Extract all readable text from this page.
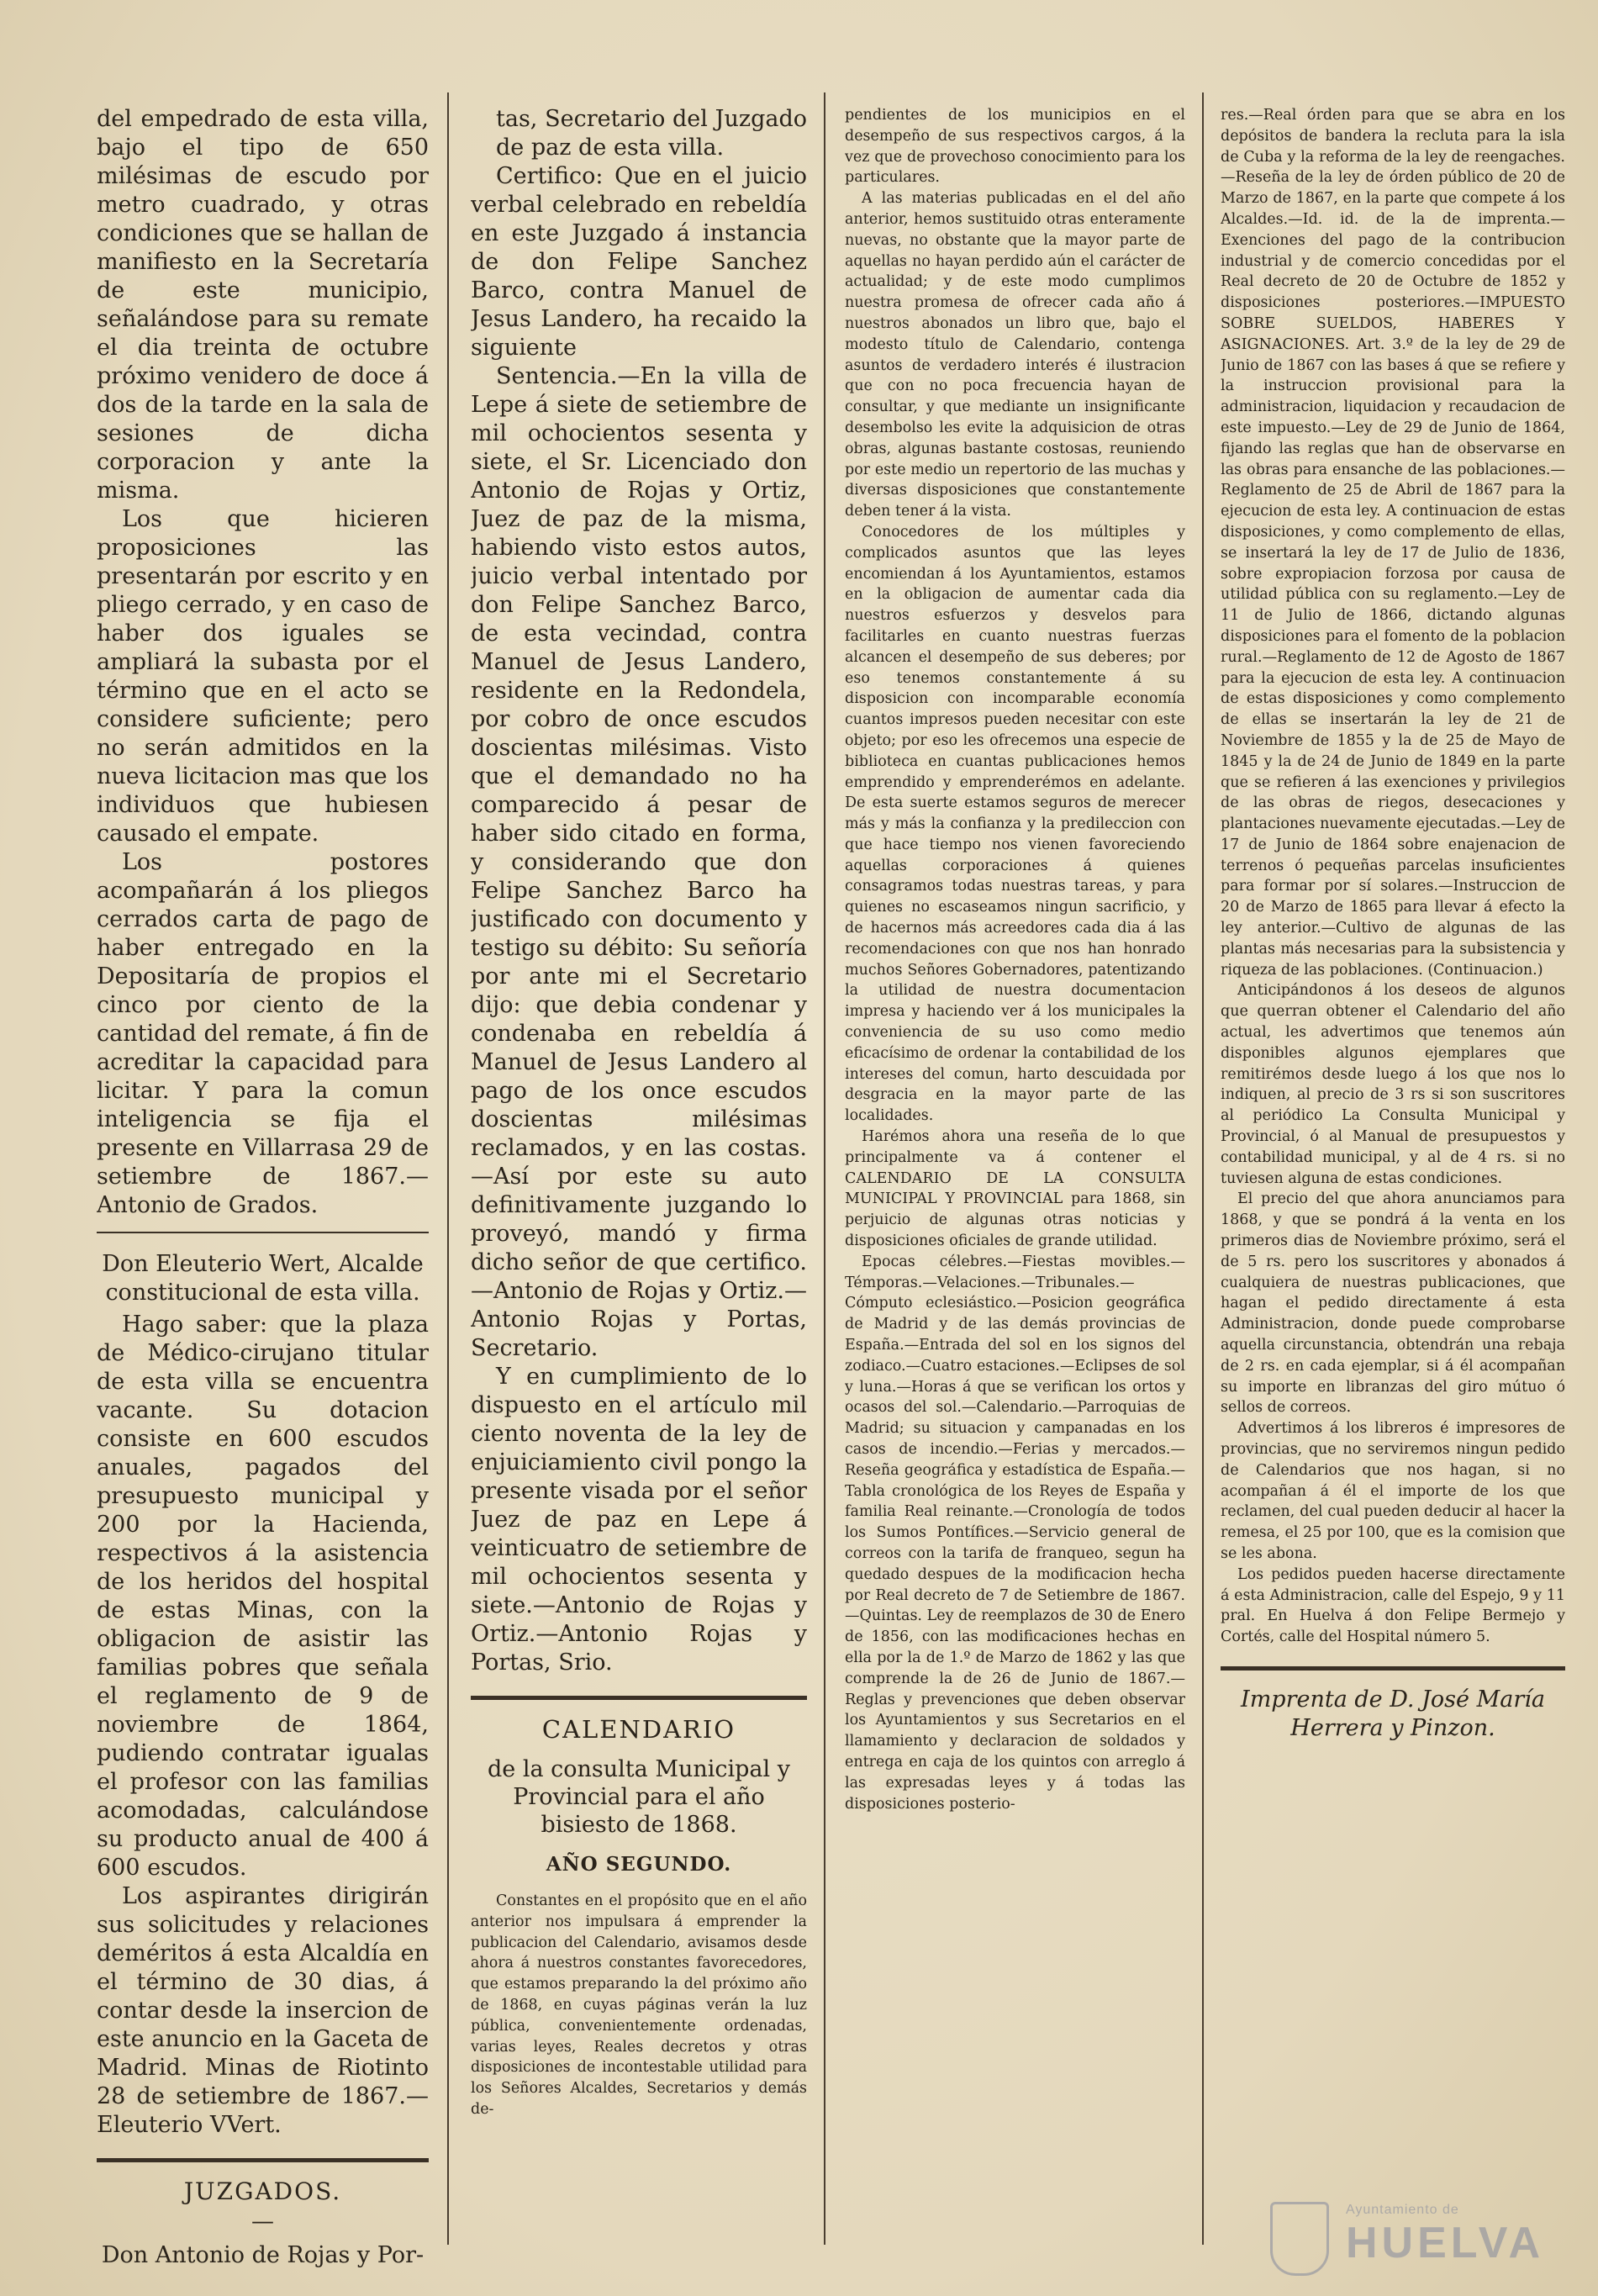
del empedrado de esta villa, bajo el tipo de 650 milésimas de escudo por metro cuadrado, y otras condiciones que se hallan de manifiesto en la Secretaría de este municipio, señalándose para su remate el dia treinta de octubre próximo venidero de doce á dos de la tarde en la sala de sesiones de dicha corporacion y ante la misma.

Los que hicieren proposiciones las presentarán por escrito y en pliego cerrado, y en caso de haber dos iguales se ampliará la subasta por el término que en el acto se considere suficiente; pero no serán admitidos en la nueva licitacion mas que los individuos que hubiesen causado el empate.

Los postores acompañarán á los pliegos cerrados carta de pago de haber entregado en la Depositaría de propios el cinco por ciento de la cantidad del remate, á fin de acreditar la capacidad para licitar. Y para la comun inteligencia se fija el presente en Villarrasa 29 de setiembre de 1867.—Antonio de Grados.

Don Eleuterio Wert, Alcalde constitucional de esta villa.

Hago saber: que la plaza de Médico-cirujano titular de esta villa se encuentra vacante. Su dotacion consiste en 600 escudos anuales, pagados del presupuesto municipal y 200 por la Hacienda, respectivos á la asistencia de los heridos del hospital de estas Minas, con la obligacion de asistir las familias pobres que señala el reglamento de 9 de noviembre de 1864, pudiendo contratar igualas el profesor con las familias acomodadas, calculándose su producto anual de 400 á 600 escudos.

Los aspirantes dirigirán sus solicitudes y relaciones deméritos á esta Alcaldía en el término de 30 dias, á contar desde la insercion de este anuncio en la Gaceta de Madrid. Minas de Riotinto 28 de setiembre de 1867.—Eleuterio VVert.

JUZGADOS.
—

Don Antonio de Rojas y Por-

tas, Secretario del Juzgado de paz de esta villa.

Certifico: Que en el juicio verbal celebrado en rebeldía en este Juzgado á instancia de don Felipe Sanchez Barco, contra Manuel de Jesus Landero, ha recaido la siguiente

Sentencia.—En la villa de Lepe á siete de setiembre de mil ochocientos sesenta y siete, el Sr. Licenciado don Antonio de Rojas y Ortiz, Juez de paz de la misma, habiendo visto estos autos, juicio verbal intentado por don Felipe Sanchez Barco, de esta vecindad, contra Manuel de Jesus Landero, residente en la Redondela, por cobro de once escudos doscientas milésimas. Visto que el demandado no ha comparecido á pesar de haber sido citado en forma, y considerando que don Felipe Sanchez Barco ha justificado con documento y testigo su débito: Su señoría por ante mi el Secretario dijo: que debia condenar y condenaba en rebeldía á Manuel de Jesus Landero al pago de los once escudos doscientas milésimas reclamados, y en las costas.—Así por este su auto definitivamente juzgando lo proveyó, mandó y firma dicho señor de que certifico.—Antonio de Rojas y Ortiz.—Antonio Rojas y Portas, Secretario.

Y en cumplimiento de lo dispuesto en el artículo mil ciento noventa de la ley de enjuiciamiento civil pongo la presente visada por el señor Juez de paz en Lepe á veinticuatro de setiembre de mil ochocientos sesenta y siete.—Antonio de Rojas y Ortiz.—Antonio Rojas y Portas, Srio.

CALENDARIO
de la consulta Municipal y Provincial para el año bisiesto de 1868.
AÑO SEGUNDO.

Constantes en el propósito que en el año anterior nos impulsara á emprender la publicacion del Calendario, avisamos desde ahora á nuestros constantes favorecedores, que estamos preparando la del próximo año de 1868, en cuyas páginas verán la luz pública, convenientemente ordenadas, varias leyes, Reales decretos y otras disposiciones de incontestable utilidad para los Señores Alcaldes, Secretarios y demás de-

pendientes de los municipios en el desempeño de sus respectivos cargos, á la vez que de provechoso conocimiento para los particulares.

A las materias publicadas en el del año anterior, hemos sustituido otras enteramente nuevas, no obstante que la mayor parte de aquellas no hayan perdido aún el carácter de actualidad; y de este modo cumplimos nuestra promesa de ofrecer cada año á nuestros abonados un libro que, bajo el modesto título de Calendario, contenga asuntos de verdadero interés é ilustracion que con no poca frecuencia hayan de consultar, y que mediante un insignificante desembolso les evite la adquisicion de otras obras, algunas bastante costosas, reuniendo por este medio un repertorio de las muchas y diversas disposiciones que constantemente deben tener á la vista.

Conocedores de los múltiples y complicados asuntos que las leyes encomiendan á los Ayuntamientos, estamos en la obligacion de aumentar cada dia nuestros esfuerzos y desvelos para facilitarles en cuanto nuestras fuerzas alcancen el desempeño de sus deberes; por eso tenemos constantemente á su disposicion con incomparable economía cuantos impresos pueden necesitar con este objeto; por eso les ofrecemos una especie de biblioteca en cuantas publicaciones hemos emprendido y emprenderémos en adelante. De esta suerte estamos seguros de merecer más y más la confianza y la predileccion con que hace tiempo nos vienen favoreciendo aquellas corporaciones á quienes consagramos todas nuestras tareas, y para quienes no escaseamos ningun sacrificio, y de hacernos más acreedores cada dia á las recomendaciones con que nos han honrado muchos Señores Gobernadores, patentizando la utilidad de nuestra documentacion impresa y haciendo ver á los municipales la conveniencia de su uso como medio eficacísimo de ordenar la contabilidad de los intereses del comun, harto descuidada por desgracia en la mayor parte de las localidades.

Harémos ahora una reseña de lo que principalmente va á contener el CALENDARIO DE LA CONSULTA MUNICIPAL Y PROVINCIAL para 1868, sin perjuicio de algunas otras noticias y disposiciones oficiales de grande utilidad.

Epocas célebres.—Fiestas movibles.—Témporas.—Velaciones.—Tribunales.—Cómputo eclesiástico.—Posicion geográfica de Madrid y de las demás provincias de España.—Entrada del sol en los signos del zodiaco.—Cuatro estaciones.—Eclipses de sol y luna.—Horas á que se verifican los ortos y ocasos del sol.—Calendario.—Parroquias de Madrid; su situacion y campanadas en los casos de incendio.—Ferias y mercados.—Reseña geográfica y estadística de España.—Tabla cronológica de los Reyes de España y familia Real reinante.—Cronología de todos los Sumos Pontífices.—Servicio general de correos con la tarifa de franqueo, segun ha quedado despues de la modificacion hecha por Real decreto de 7 de Setiembre de 1867.—Quintas. Ley de reemplazos de 30 de Enero de 1856, con las modificaciones hechas en ella por la de 1.º de Marzo de 1862 y las que comprende la de 26 de Junio de 1867.—Reglas y prevenciones que deben observar los Ayuntamientos y sus Secretarios en el llamamiento y declaracion de soldados y entrega en caja de los quintos con arreglo á las expresadas leyes y á todas las disposiciones posterio-

res.—Real órden para que se abra en los depósitos de bandera la recluta para la isla de Cuba y la reforma de la ley de reengaches.—Reseña de la ley de órden público de 20 de Marzo de 1867, en la parte que compete á los Alcaldes.—Id. id. de la de imprenta.—Exenciones del pago de la contribucion industrial y de comercio concedidas por el Real decreto de 20 de Octubre de 1852 y disposiciones posteriores.—IMPUESTO SOBRE SUELDOS, HABERES Y ASIGNACIONES. Art. 3.º de la ley de 29 de Junio de 1867 con las bases á que se refiere y la instruccion provisional para la administracion, liquidacion y recaudacion de este impuesto.—Ley de 29 de Junio de 1864, fijando las reglas que han de observarse en las obras para ensanche de las poblaciones.—Reglamento de 25 de Abril de 1867 para la ejecucion de esta ley. A continuacion de estas disposiciones, y como complemento de ellas, se insertará la ley de 17 de Julio de 1836, sobre expropiacion forzosa por causa de utilidad pública con su reglamento.—Ley de 11 de Julio de 1866, dictando algunas disposiciones para el fomento de la poblacion rural.—Reglamento de 12 de Agosto de 1867 para la ejecucion de esta ley. A continuacion de estas disposiciones y como complemento de ellas se insertarán la ley de 21 de Noviembre de 1855 y la de 25 de Mayo de 1845 y la de 24 de Junio de 1849 en la parte que se refieren á las exenciones y privilegios de las obras de riegos, desecaciones y plantaciones nuevamente ejecutadas.—Ley de 17 de Junio de 1864 sobre enajenacion de terrenos ó pequeñas parcelas insuficientes para formar por sí solares.—Instruccion de 20 de Marzo de 1865 para llevar á efecto la ley anterior.—Cultivo de algunas de las plantas más necesarias para la subsistencia y riqueza de las poblaciones. (Continuacion.)

Anticipándonos á los deseos de algunos que querran obtener el Calendario del año actual, les advertimos que tenemos aún disponibles algunos ejemplares que remitirémos desde luego á los que nos lo indiquen, al precio de 3 rs si son suscritores al periódico La Consulta Municipal y Provincial, ó al Manual de presupuestos y contabilidad municipal, y al de 4 rs. si no tuviesen alguna de estas condiciones.

El precio del que ahora anunciamos para 1868, y que se pondrá á la venta en los primeros dias de Noviembre próximo, será el de 5 rs. pero los suscritores y abonados á cualquiera de nuestras publicaciones, que hagan el pedido directamente á esta Administracion, donde puede comprobarse aquella circunstancia, obtendrán una rebaja de 2 rs. en cada ejemplar, si á él acompañan su importe en libranzas del giro mútuo ó sellos de correos.

Advertimos á los libreros é impresores de provincias, que no serviremos ningun pedido de Calendarios que nos hagan, si no acompañan á él el importe de los que reclamen, del cual pueden deducir al hacer la remesa, el 25 por 100, que es la comision que se les abona.

Los pedidos pueden hacerse directamente á esta Administracion, calle del Espejo, 9 y 11 pral. En Huelva á don Felipe Bermejo y Cortés, calle del Hospital número 5.

Imprenta de D. José María
Herrera y Pinzon.
Ayuntamiento de
HUELVA
